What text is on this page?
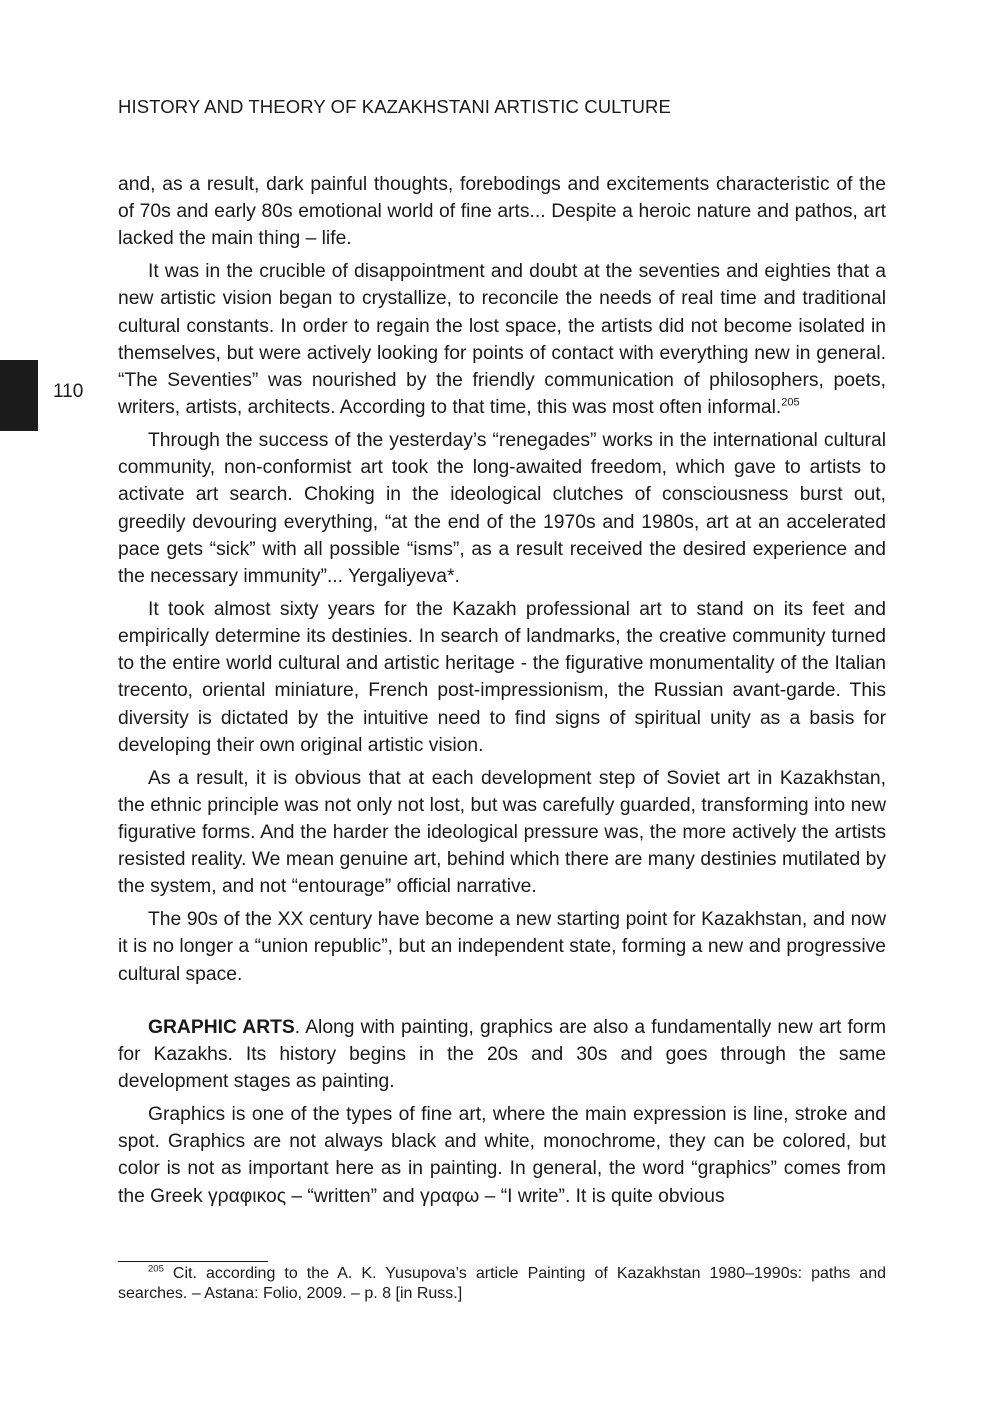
HISTORY AND THEORY OF KAZAKHSTANI ARTISTIC CULTURE
110

and, as a result, dark painful thoughts, forebodings and excitements characteristic of the of 70s and early 80s emotional world of fine arts... Despite a heroic nature and pathos, art lacked the main thing – life.

It was in the crucible of disappointment and doubt at the seventies and eighties that a new artistic vision began to crystallize, to reconcile the needs of real time and traditional cultural constants. In order to regain the lost space, the artists did not become isolated in themselves, but were actively looking for points of contact with everything new in general. “The Seventies” was nourished by the friendly communication of philosophers, poets, writers, artists, architects. According to that time, this was most often informal.$^{205}$

Through the success of the yesterday’s “renegades” works in the international cultural community, non-conformist art took the long-awaited freedom, which gave to artists to activate art search. Choking in the ideological clutches of consciousness burst out, greedily devouring everything, “at the end of the 1970s and 1980s, art at an accelerated pace gets “sick” with all possible “isms”, as a result received the desired experience and the necessary immunity”... Yergaliyeva*.

It took almost sixty years for the Kazakh professional art to stand on its feet and empirically determine its destinies. In search of landmarks, the creative community turned to the entire world cultural and artistic heritage - the figurative monumentality of the Italian trecento, oriental miniature, French post-impressionism, the Russian avant-garde. This diversity is dictated by the intuitive need to find signs of spiritual unity as a basis for developing their own original artistic vision.

As a result, it is obvious that at each development step of Soviet art in Kazakhstan, the ethnic principle was not only not lost, but was carefully guarded, transforming into new figurative forms. And the harder the ideological pressure was, the more actively the artists resisted reality. We mean genuine art, behind which there are many destinies mutilated by the system, and not “entourage” official narrative.

The 90s of the XX century have become a new starting point for Kazakhstan, and now it is no longer a “union republic”, but an independent state, forming a new and progressive cultural space.

GRAPHIC ARTS. Along with painting, graphics are also a fundamentally new art form for Kazakhs. Its history begins in the 20s and 30s and goes through the same development stages as painting.

Graphics is one of the types of fine art, where the main expression is line, stroke and spot. Graphics are not always black and white, monochrome, they can be colored, but color is not as important here as in painting. In general, the word “graphics” comes from the Greek γραφικος – “written” and γραφω – “I write”. It is quite obvious

$^{205}$ Cit. according to the A. K. Yusupova’s article Painting of Kazakhstan 1980–1990s: paths and searches. – Astana: Folio, 2009. – p. 8 [in Russ.]
